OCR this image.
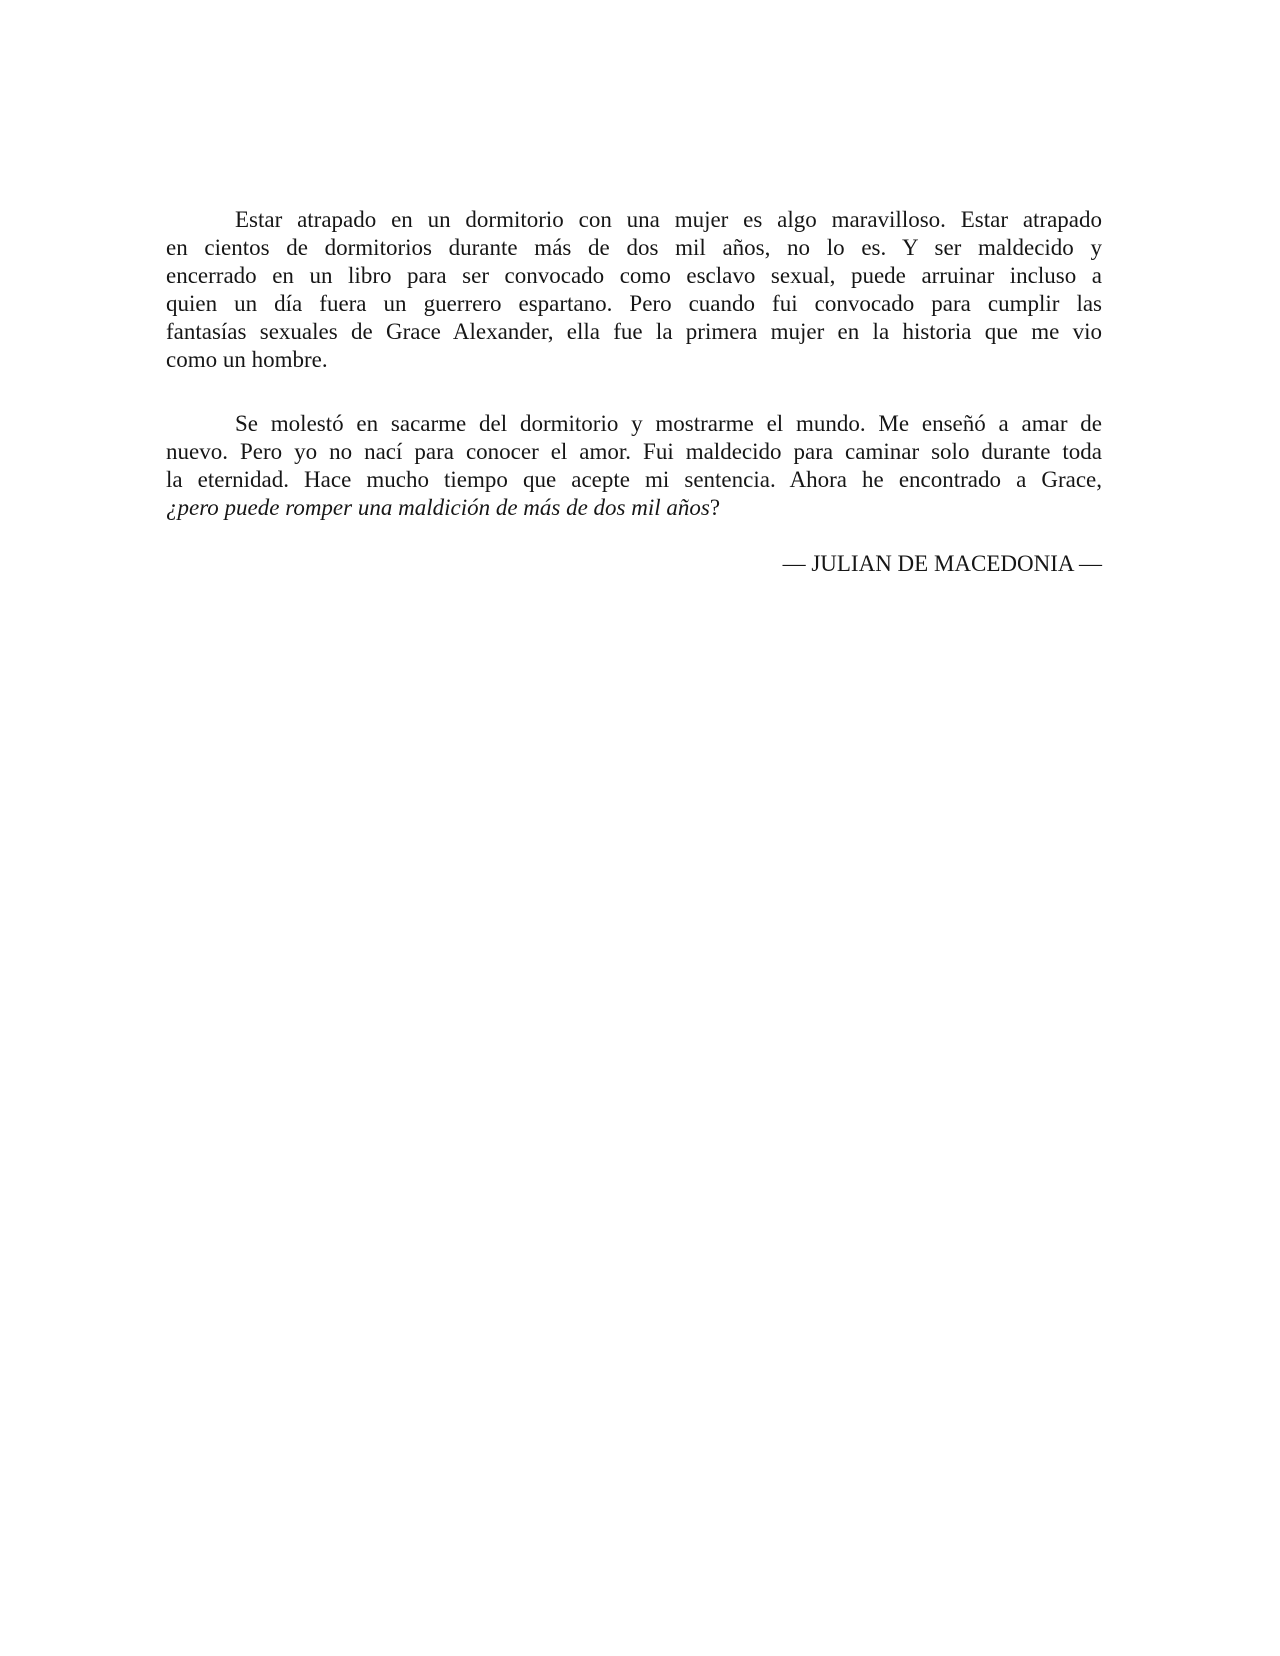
Estar atrapado en un dormitorio con una mujer es algo maravilloso. Estar atrapado
en cientos de dormitorios durante más de dos mil años, no lo es. Y ser maldecido y
encerrado en un libro para ser convocado como esclavo sexual, puede arruinar incluso a
quien un día fuera un guerrero espartano. Pero cuando fui convocado para cumplir las
fantasías sexuales de Grace Alexander, ella fue la primera mujer en la historia que me vio
como un hombre.

Se molestó en sacarme del dormitorio y mostrarme el mundo. Me enseñó a amar de
nuevo. Pero yo no nací para conocer el amor. Fui maldecido para caminar solo durante toda
la eternidad. Hace mucho tiempo que acepte mi sentencia. Ahora he encontrado a Grace,
¿pero puede romper una maldición de más de dos mil años?

— JULIAN DE MACEDONIA —
